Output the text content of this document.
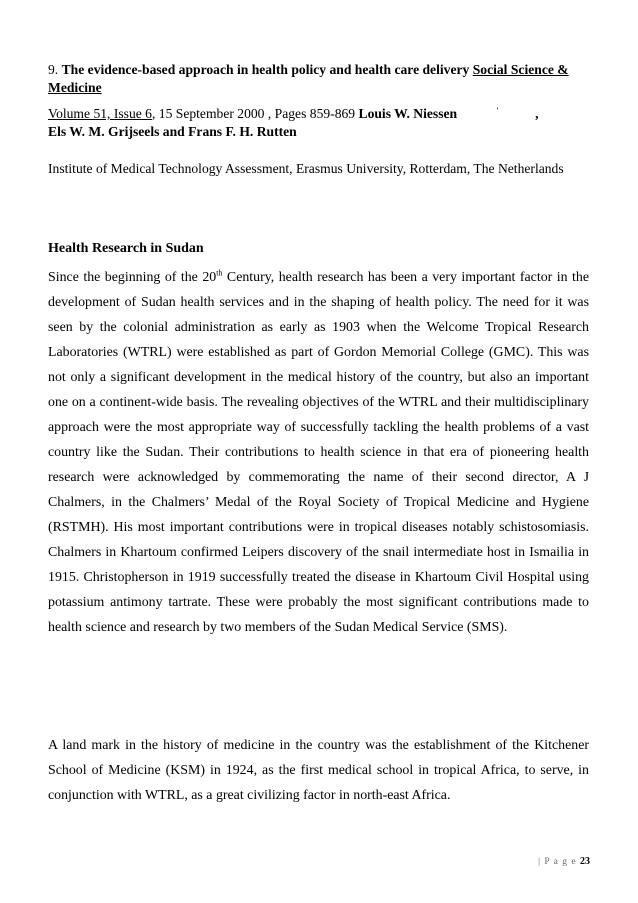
9. The evidence-based approach in health policy and health care delivery Social Science & Medicine
Volume 51, Issue 6, 15 September 2000 , Pages 859-869 Louis W. Niessen	'	,
Els W. M. Grijseels and Frans F. H. Rutten
Institute of Medical Technology Assessment, Erasmus University, Rotterdam, The Netherlands
Health Research in Sudan

Since the beginning of the 20th Century, health research has been a very important factor in the development of Sudan health services and in the shaping of health policy. The need for it was seen by the colonial administration as early as 1903 when the Welcome Tropical Research Laboratories (WTRL) were established as part of Gordon Memorial College (GMC). This was not only a significant development in the medical history of the country, but also an important one on a continent-wide basis. The revealing objectives of the WTRL and their multidisciplinary approach were the most appropriate way of successfully tackling the health problems of a vast country like the Sudan. Their contributions to health science in that era of pioneering health research were acknowledged by commemorating the name of their second director, A J Chalmers, in the Chalmers’ Medal of the Royal Society of Tropical Medicine and Hygiene (RSTMH). His most important contributions were in tropical diseases notably schistosomiasis. Chalmers in Khartoum confirmed Leipers discovery of the snail intermediate host in Ismailia in 1915. Christopherson in 1919 successfully treated the disease in Khartoum Civil Hospital using potassium antimony tartrate. These were probably the most significant contributions made to health science and research by two members of the Sudan Medical Service (SMS).

A land mark in the history of medicine in the country was the establishment of the Kitchener School of Medicine (KSM) in 1924, as the first medical school in tropical Africa, to serve, in conjunction with WTRL, as a great civilizing factor in north-east Africa.

| P a g e 23
